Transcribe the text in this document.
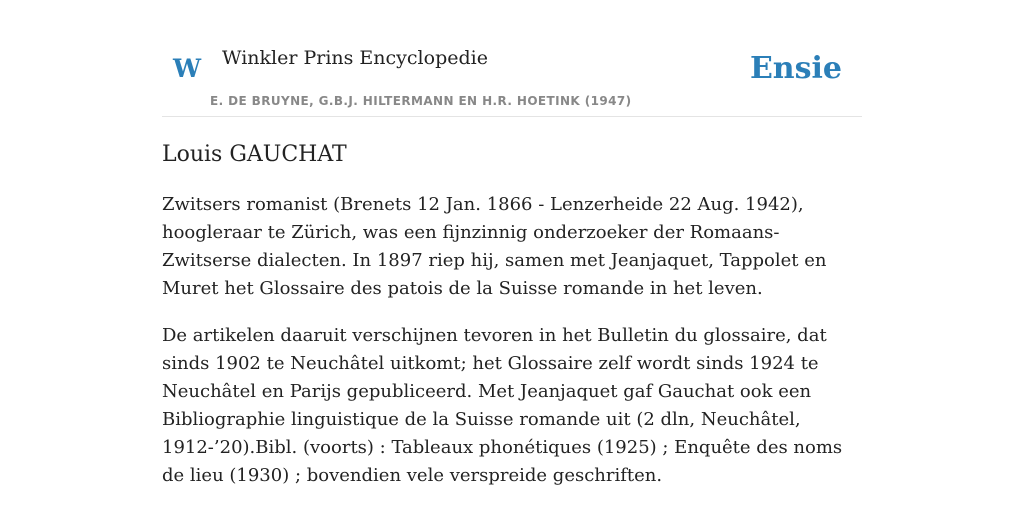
W Winkler Prins Encyclopedie
E. DE BRUYNE, G.B.J. HILTERMANN EN H.R. HOETINK (1947)
Ensie
Louis GAUCHAT

Zwitsers romanist (Brenets 12 Jan. 1866 - Lenzerheide 22 Aug. 1942), hoogleraar te Zürich, was een fijnzinnig onderzoeker der Romaans-Zwitserse dialecten. In 1897 riep hij, samen met Jeanjaquet, Tappolet en Muret het Glossaire des patois de la Suisse romande in het leven.

De artikelen daaruit verschijnen tevoren in het Bulletin du glossaire, dat sinds 1902 te Neuchâtel uitkomt; het Glossaire zelf wordt sinds 1924 te Neuchâtel en Parijs gepubliceerd. Met Jeanjaquet gaf Gauchat ook een Bibliographie linguistique de la Suisse romande uit (2 dln, Neuchâtel, 1912-’20).Bibl. (voorts) : Tableaux phonétiques (1925) ; Enquête des noms de lieu (1930) ; bovendien vele verspreide geschriften.
